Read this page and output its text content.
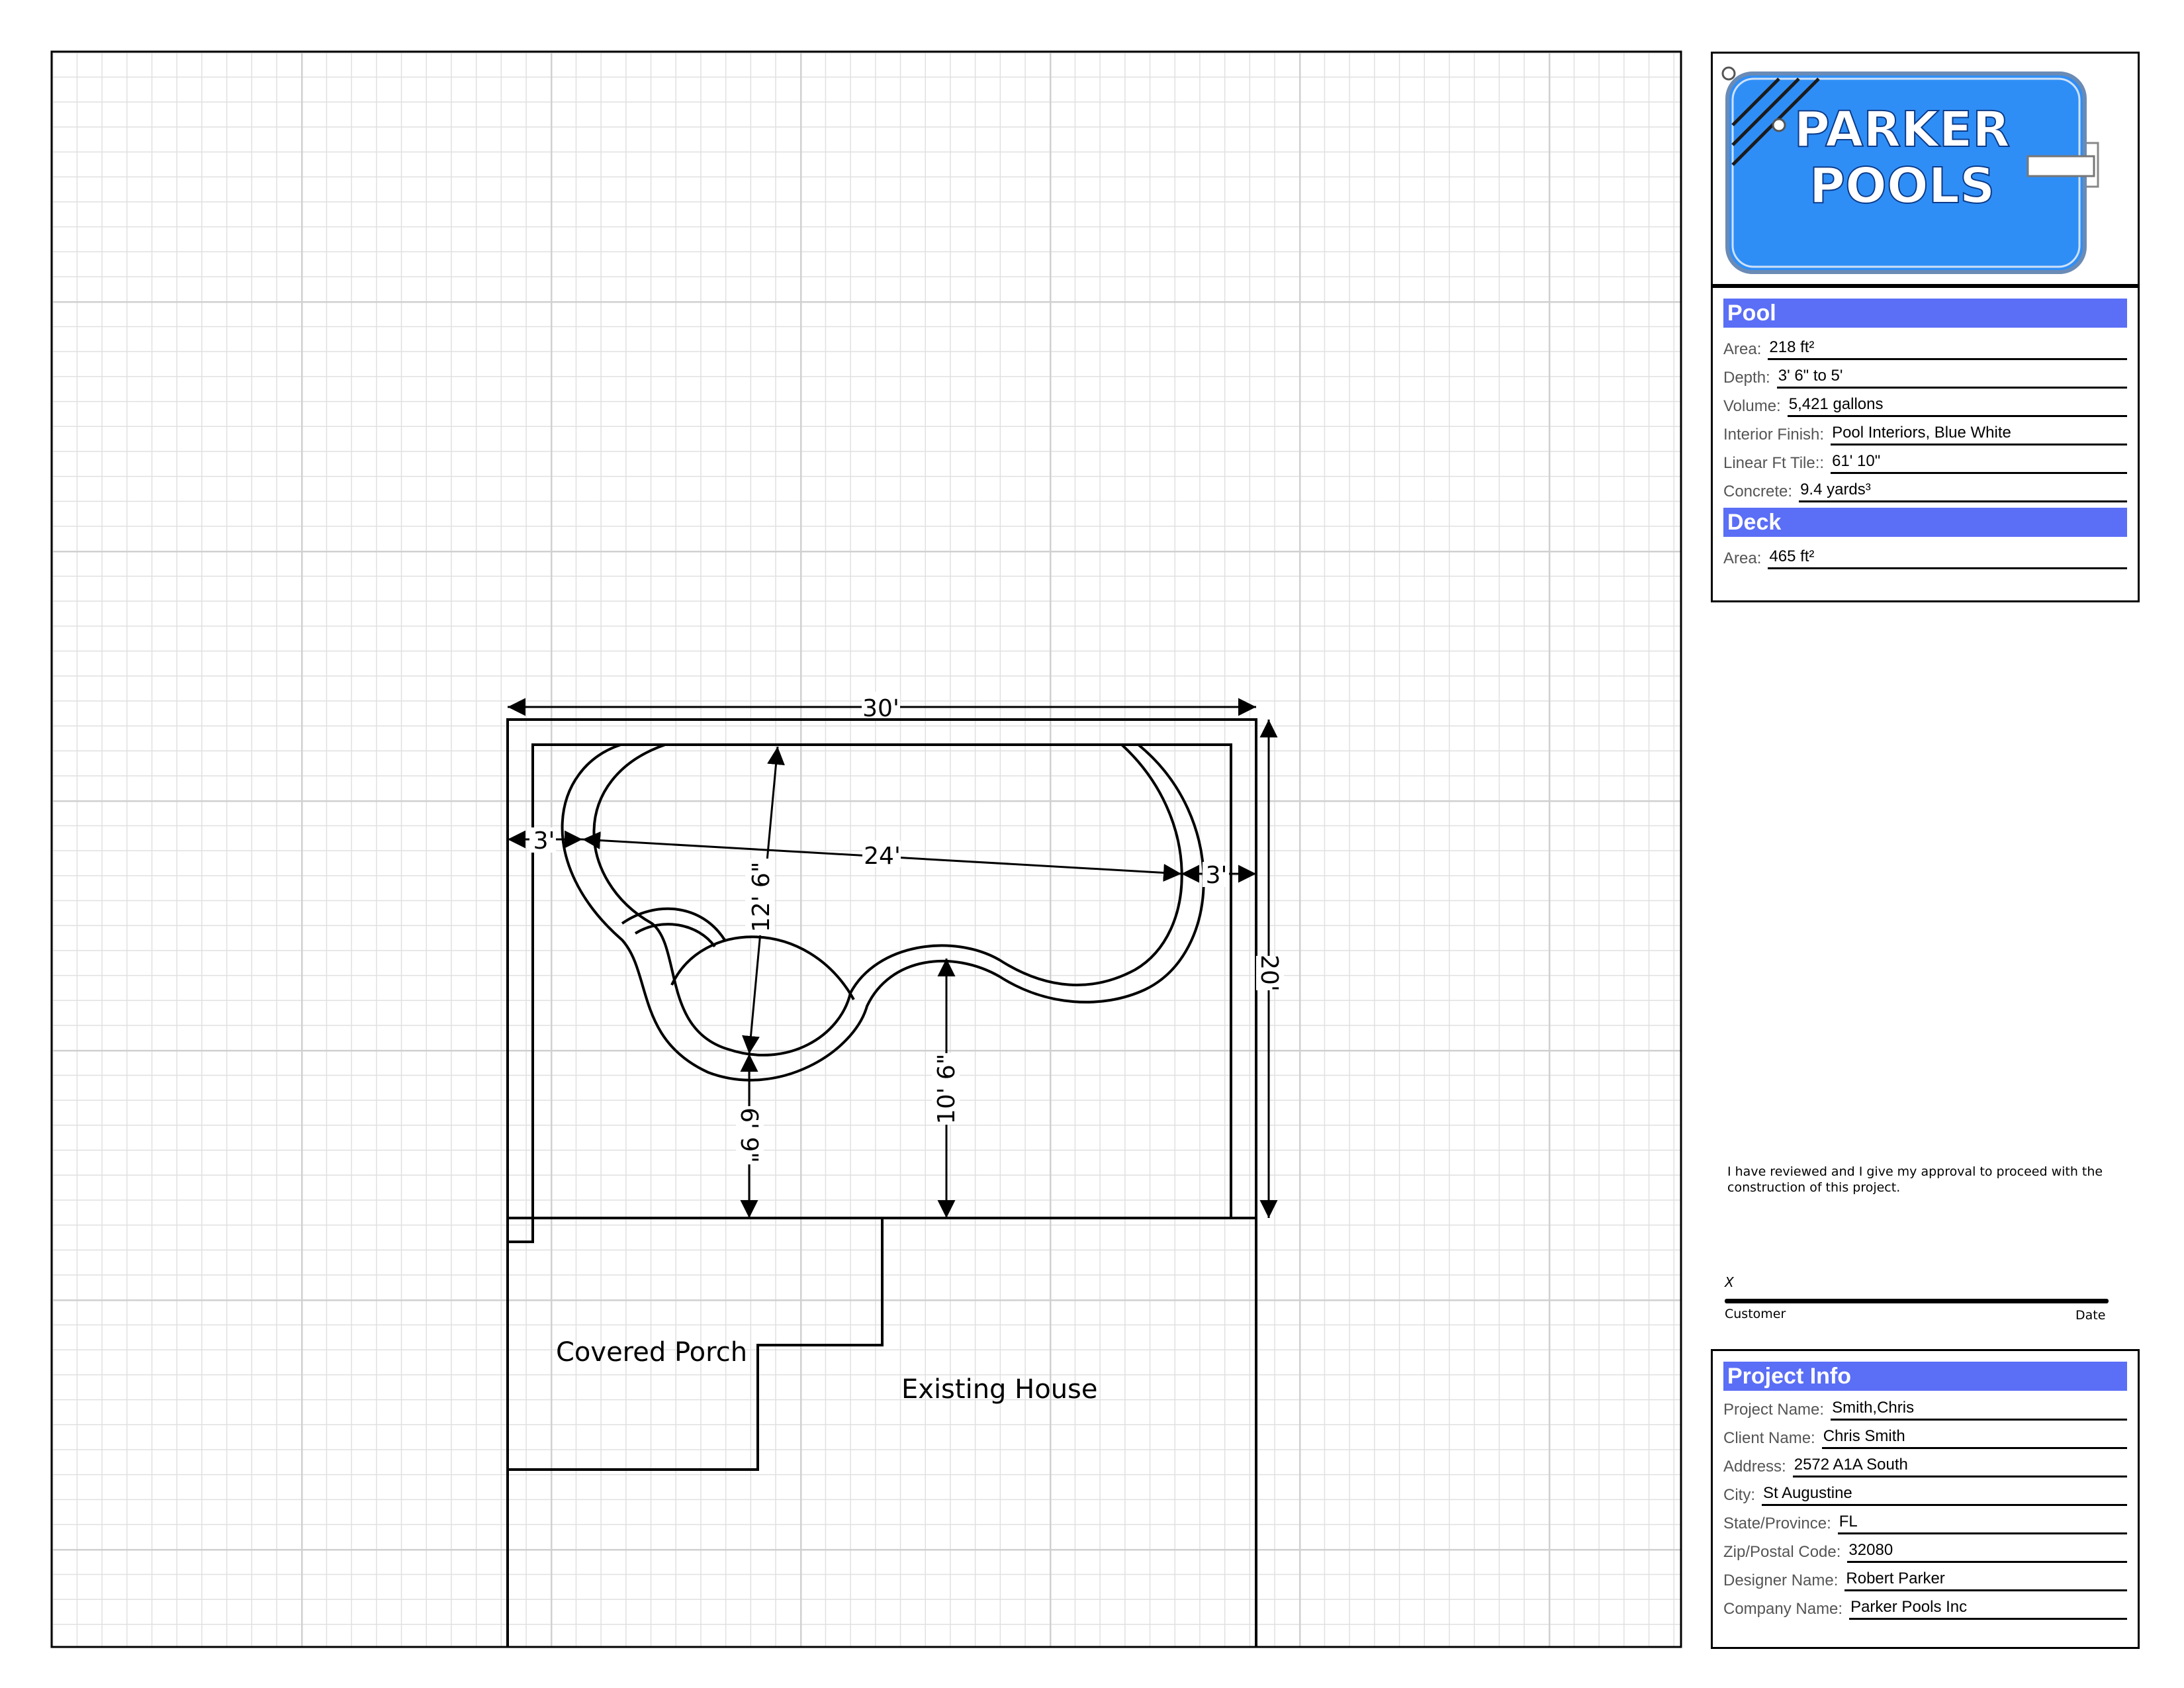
30'
20'
3'
24'
3'
12' 6"
6' 9"
10' 6"
Covered Porch
Existing House
PARKER
POOLS
Pool
Area: 218 ft²
Depth: 3' 6" to 5'
Volume: 5,421 gallons
Interior Finish: Pool Interiors, Blue White
Linear Ft Tile:: 61' 10"
Concrete: 9.4 yards³
Deck
Area: 465 ft²
I have reviewed and I give my approval to proceed with the construction of this project.
X
Customer	Date
Project Info
Project Name: Smith,Chris
Client Name: Chris Smith
Address: 2572 A1A South
City: St Augustine
State/Province: FL
Zip/Postal Code: 32080
Designer Name: Robert Parker
Company Name: Parker Pools Inc
